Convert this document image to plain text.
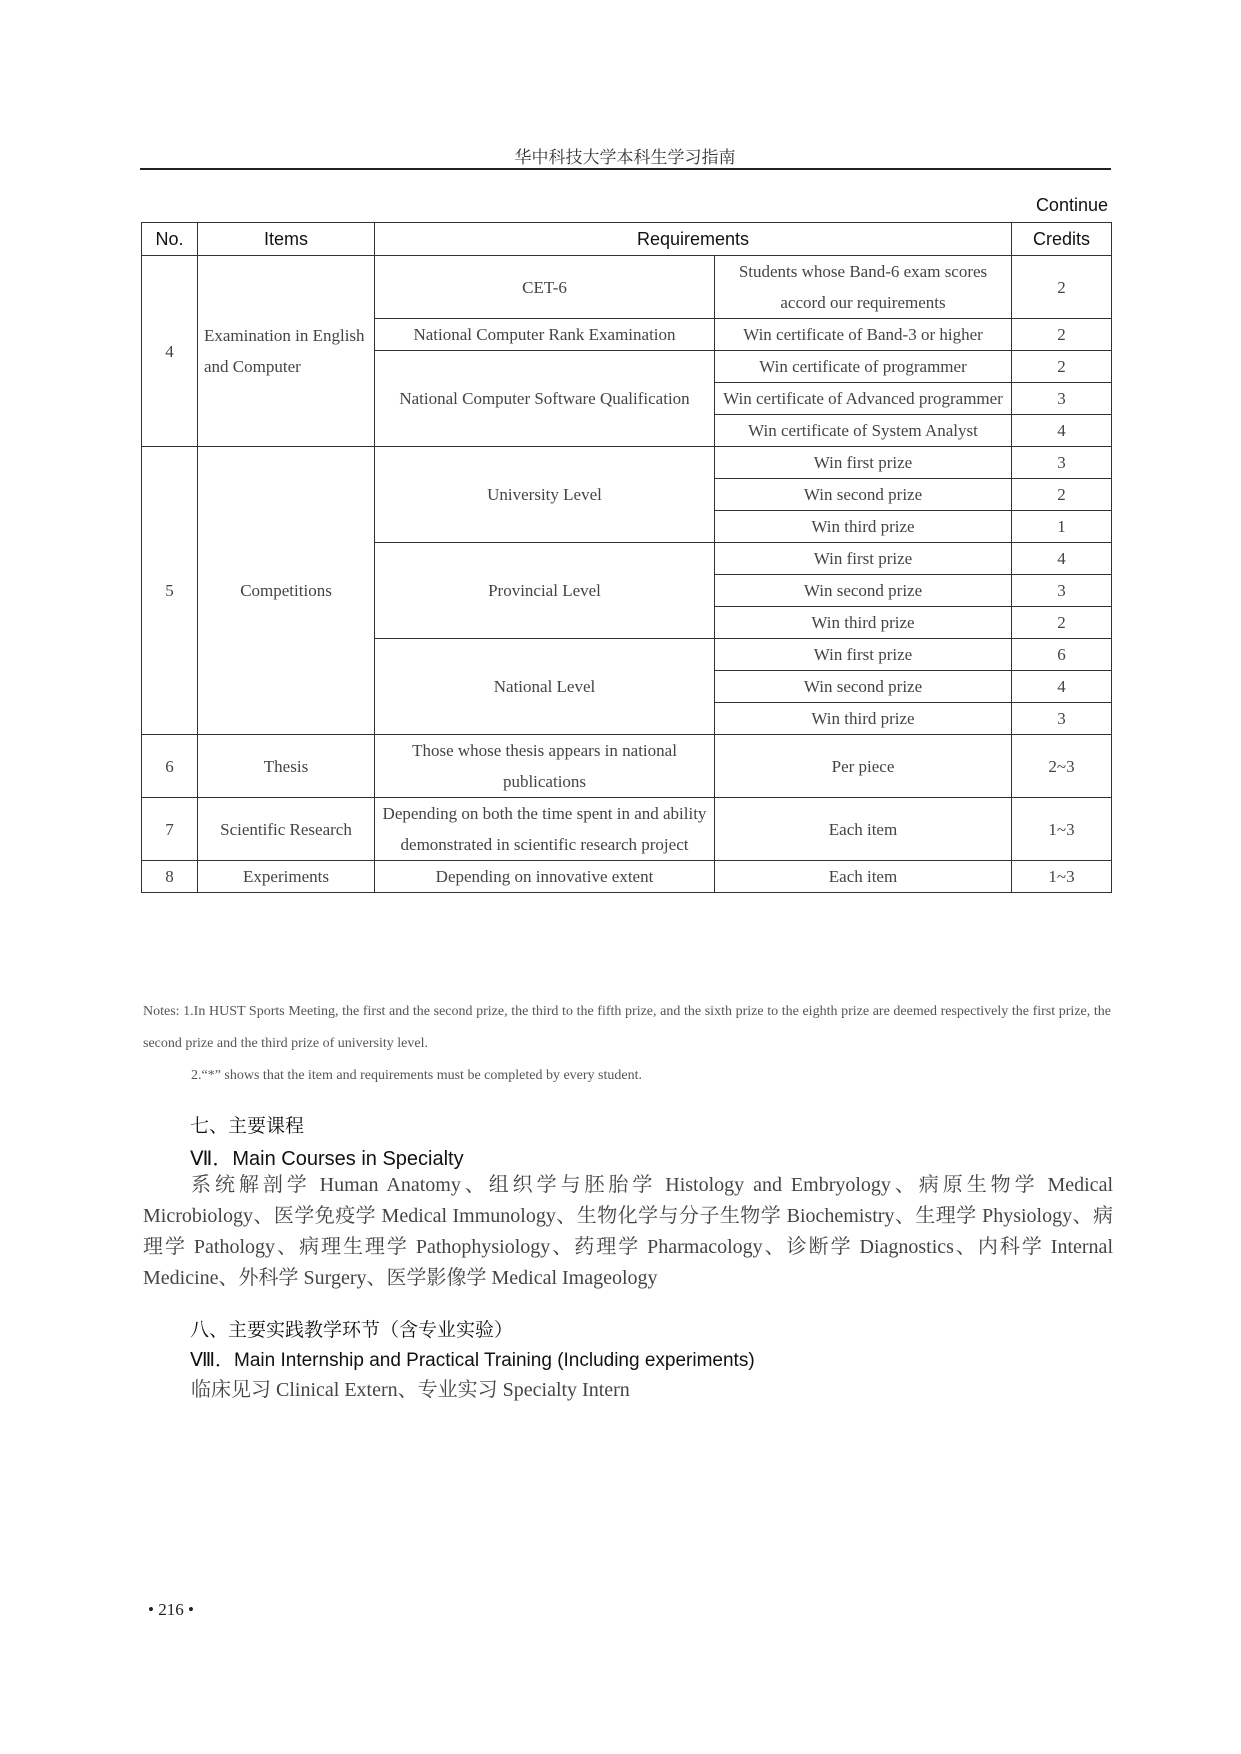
华中科技大学本科生学习指南
Continue
No.	Items	Requirements		Credits
4	Examination in English and Computer	CET-6	Students whose Band-6 exam scores accord our requirements	2
		National Computer Rank Examination	Win certificate of Band-3 or higher	2
		National Computer Software Qualification	Win certificate of programmer	2
			Win certificate of Advanced programmer	3
			Win certificate of System Analyst	4
5	Competitions	University Level	Win first prize	3
			Win second prize	2
			Win third prize	1
		Provincial Level	Win first prize	4
			Win second prize	3
			Win third prize	2
		National Level	Win first prize	6
			Win second prize	4
			Win third prize	3
6	Thesis	Those whose thesis appears in national publications	Per piece	2~3
7	Scientific Research	Depending on both the time spent in and ability demonstrated in scientific research project	Each item	1~3
8	Experiments	Depending on innovative extent	Each item	1~3
Notes: 1.In HUST Sports Meeting, the first and the second prize, the third to the fifth prize, and the sixth prize to the eighth prize are deemed respectively the first prize, the second prize and the third prize of university level.
2.“*” shows that the item and requirements must be completed by every student.
七、主要课程
Ⅶ．Main Courses in Specialty
系统解剖学 Human Anatomy、组织学与胚胎学 Histology and Embryology、病原生物学 Medical Microbiology、医学免疫学 Medical Immunology、生物化学与分子生物学 Biochemistry、生理学 Physiology、病理学 Pathology、病理生理学 Pathophysiology、药理学 Pharmacology、诊断学 Diagnostics、内科学 Internal Medicine、外科学 Surgery、医学影像学 Medical Imageology
八、主要实践教学环节（含专业实验）
Ⅷ．Main Internship and Practical Training (Including experiments)
临床见习 Clinical Extern、专业实习 Specialty Intern
• 216 •
